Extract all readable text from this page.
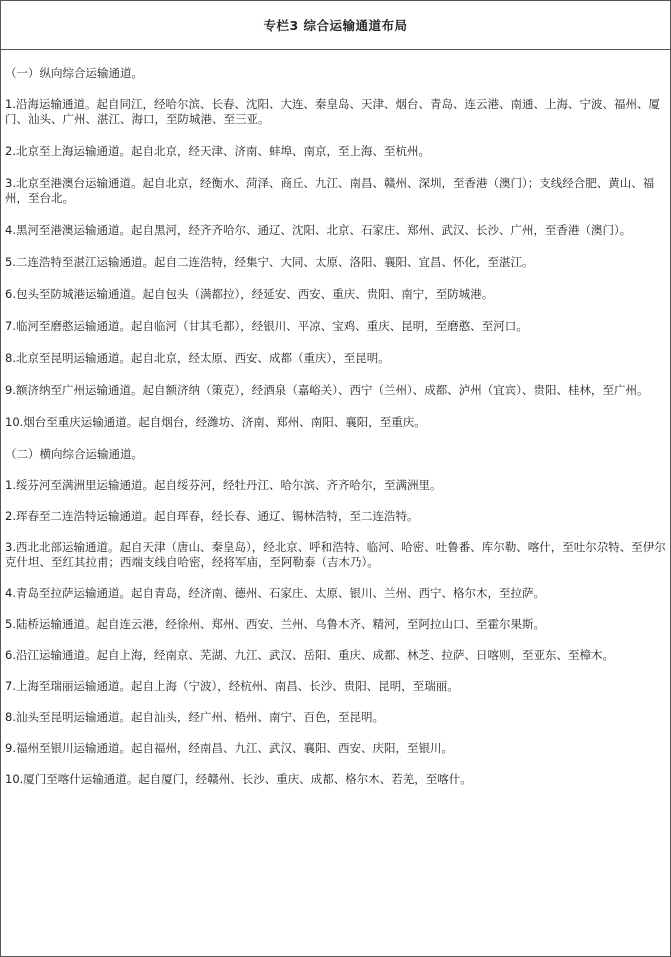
专栏3 综合运输通道布局
（一）纵向综合运输通道。
1.沿海运输通道。起自同江，经哈尔滨、长春、沈阳、大连、秦皇岛、天津、烟台、青岛、连云港、南通、上海、宁波、福州、厦门、汕头、广州、湛江、海口，至防城港、至三亚。
2.北京至上海运输通道。起自北京，经天津、济南、蚌埠、南京，至上海、至杭州。
3.北京至港澳台运输通道。起自北京，经衡水、菏泽、商丘、九江、南昌、赣州、深圳，至香港（澳门）；支线经合肥、黄山、福州，至台北。
4.黑河至港澳运输通道。起自黑河，经齐齐哈尔、通辽、沈阳、北京、石家庄、郑州、武汉、长沙、广州，至香港（澳门）。
5.二连浩特至湛江运输通道。起自二连浩特，经集宁、大同、太原、洛阳、襄阳、宜昌、怀化，至湛江。
6.包头至防城港运输通道。起自包头（满都拉），经延安、西安、重庆、贵阳、南宁，至防城港。
7.临河至磨憨运输通道。起自临河（甘其毛都），经银川、平凉、宝鸡、重庆、昆明，至磨憨、至河口。
8.北京至昆明运输通道。起自北京，经太原、西安、成都（重庆），至昆明。
9.额济纳至广州运输通道。起自额济纳（策克），经酒泉（嘉峪关）、西宁（兰州）、成都、泸州（宜宾）、贵阳、桂林，至广州。
10.烟台至重庆运输通道。起自烟台，经潍坊、济南、郑州、南阳、襄阳，至重庆。
（二）横向综合运输通道。
1.绥芬河至满洲里运输通道。起自绥芬河，经牡丹江、哈尔滨、齐齐哈尔，至满洲里。
2.珲春至二连浩特运输通道。起自珲春，经长春、通辽、锡林浩特，至二连浩特。
3.西北北部运输通道。起自天津（唐山、秦皇岛），经北京、呼和浩特、临河、哈密、吐鲁番、库尔勒、喀什，至吐尔尕特、至伊尔克什坦、至红其拉甫；西端支线自哈密，经将军庙，至阿勒泰（吉木乃）。
4.青岛至拉萨运输通道。起自青岛，经济南、德州、石家庄、太原、银川、兰州、西宁、格尔木，至拉萨。
5.陆桥运输通道。起自连云港，经徐州、郑州、西安、兰州、乌鲁木齐、精河，至阿拉山口、至霍尔果斯。
6.沿江运输通道。起自上海，经南京、芜湖、九江、武汉、岳阳、重庆、成都、林芝、拉萨、日喀则，至亚东、至樟木。
7.上海至瑞丽运输通道。起自上海（宁波），经杭州、南昌、长沙、贵阳、昆明，至瑞丽。
8.汕头至昆明运输通道。起自汕头，经广州、梧州、南宁、百色，至昆明。
9.福州至银川运输通道。起自福州，经南昌、九江、武汉、襄阳、西安、庆阳，至银川。
10.厦门至喀什运输通道。起自厦门，经赣州、长沙、重庆、成都、格尔木、若羌，至喀什。
